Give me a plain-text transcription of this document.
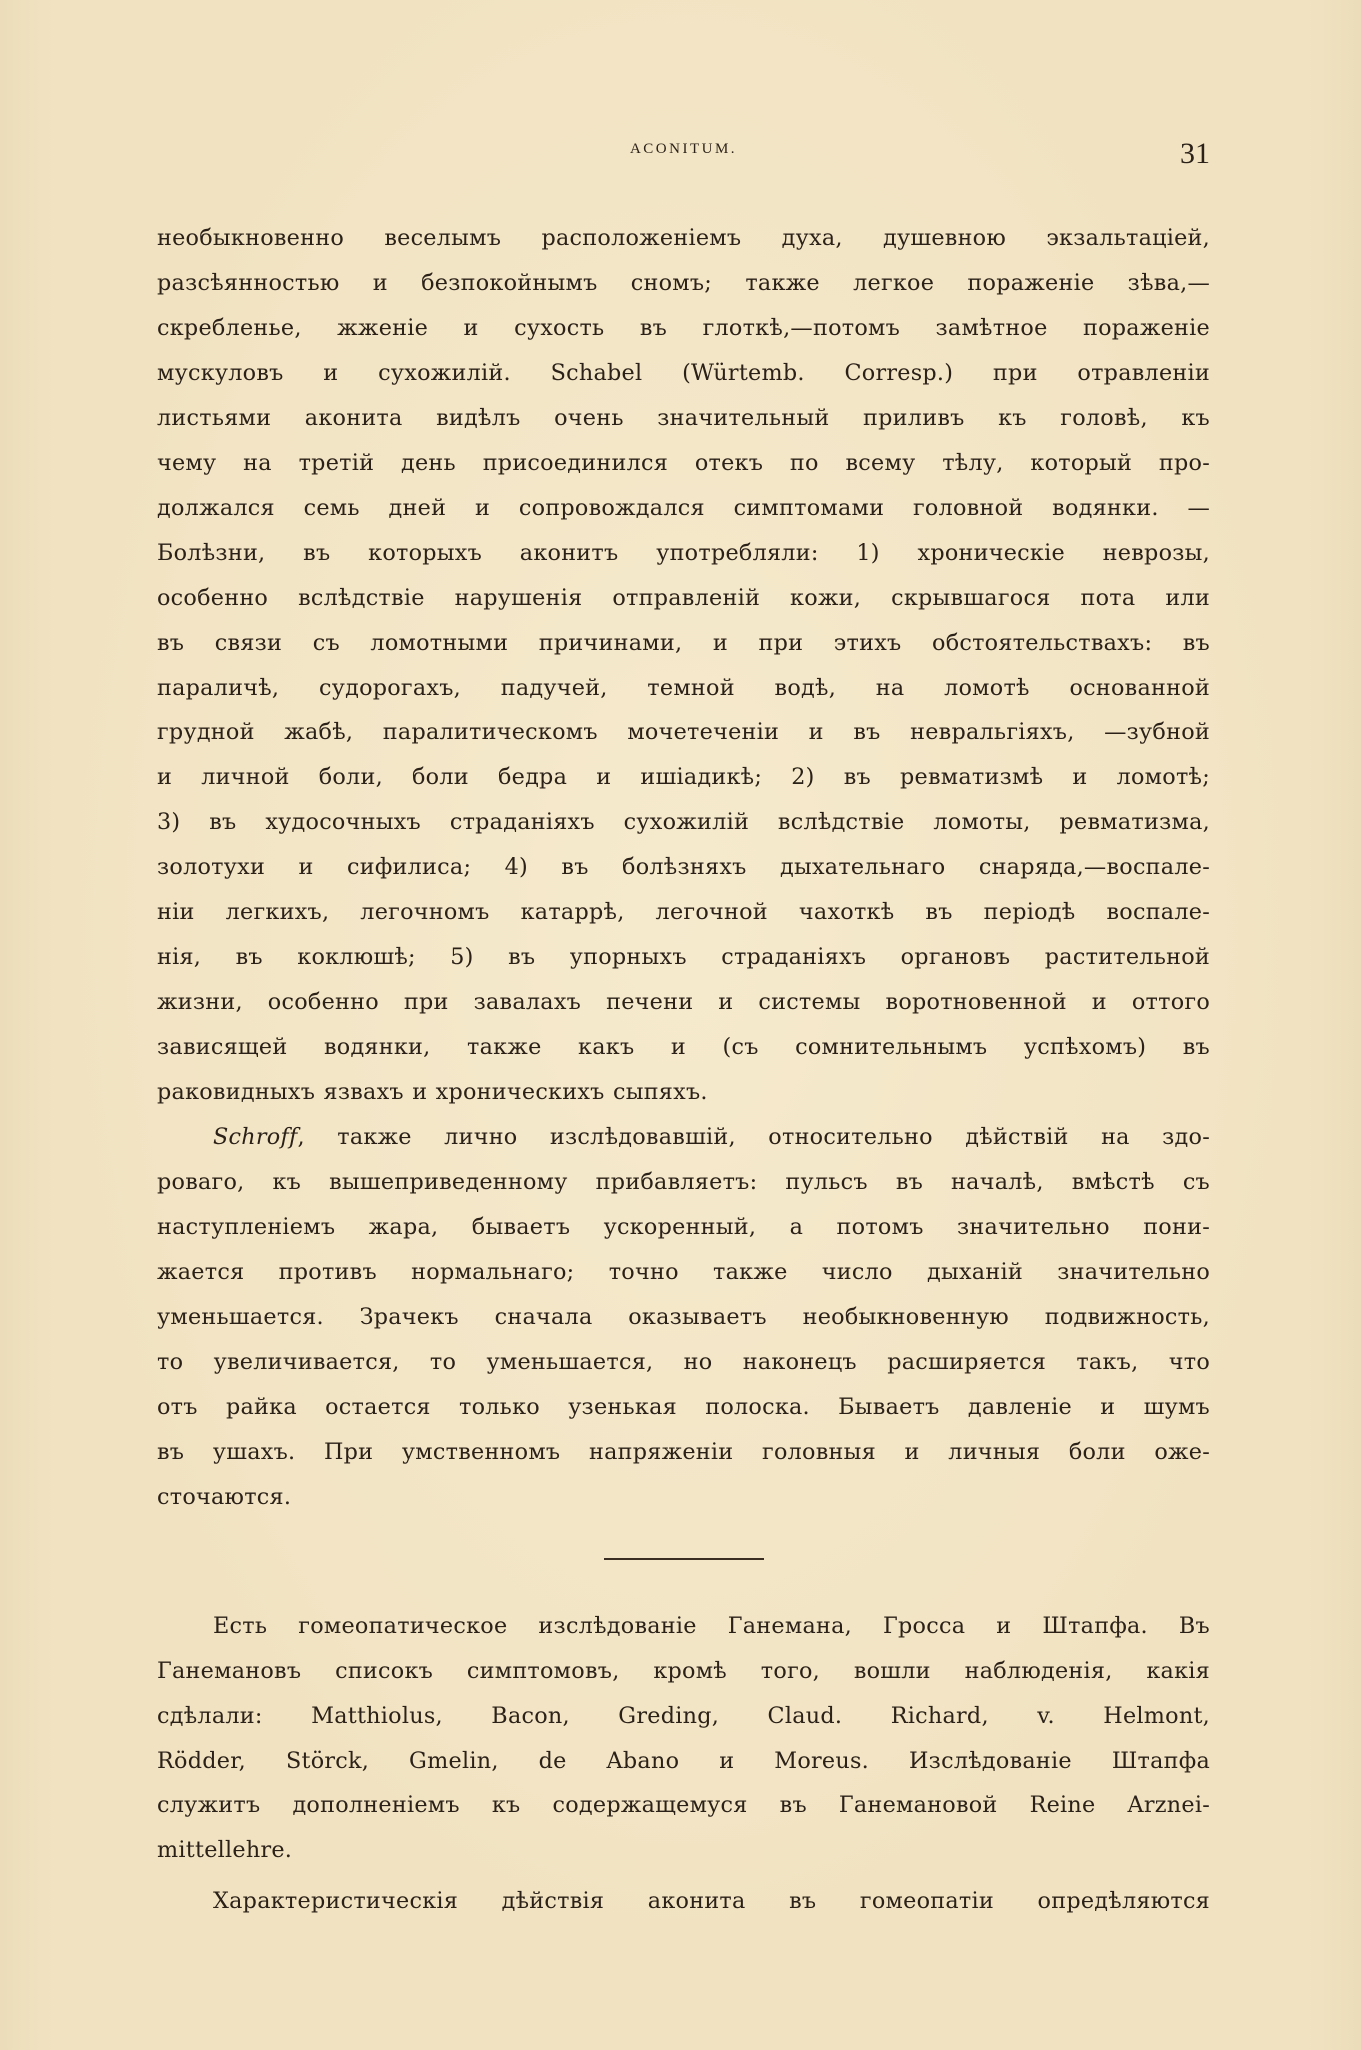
ACONITUM.	31

необыкновенно веселымъ расположенiемъ духа, душевною экзальтацiей,
разсѣянностью и безпокойнымъ сномъ; также легкое пораженiе зѣва,—
скребленье, жженiе и сухость въ глоткѣ,—потомъ замѣтное пораженiе
мускуловъ и сухожилiй. Schabel (Würtemb. Corresp.) при отравленiи
листьями аконита видѣлъ очень значительный приливъ къ головѣ, къ
чему на третiй день присоединился отекъ по всему тѣлу, который про-
должался семь дней и сопровождался симптомами головной водянки. —
Болѣзни, въ которыхъ аконитъ употребляли: 1) хроническiе неврозы,
особенно вслѣдствiе нарушенiя отправленiй кожи, скрывшагося пота или
въ связи съ ломотными причинами, и при этихъ обстоятельствахъ: въ
параличѣ, судорогахъ, падучей, темной водѣ, на ломотѣ основанной
грудной жабѣ, паралитическомъ мочетеченiи и въ невральгiяхъ, —зубной
и личной боли, боли бедра и ишiадикѣ; 2) въ ревматизмѣ и ломотѣ;
3) въ худосочныхъ страданiяхъ сухожилiй вслѣдствiе ломоты, ревматизма,
золотухи и сифилиса; 4) въ болѣзняхъ дыхательнаго снаряда,—воспале-
нiи легкихъ, легочномъ катаррѣ, легочной чахоткѣ въ перiодѣ воспале-
нiя, въ коклюшѣ; 5) въ упорныхъ страданiяхъ органовъ растительной
жизни, особенно при завалахъ печени и системы воротновенной и оттого
зависящей водянки, также какъ и (съ сомнительнымъ успѣхомъ) въ
раковидныхъ язвахъ и хроническихъ сыпяхъ.

Schroff, также лично изслѣдовавшiй, относительно дѣйствiй на здо-
роваго, къ вышеприведенному прибавляетъ: пульсъ въ началѣ, вмѣстѣ съ
наступленiемъ жара, бываетъ ускоренный, а потомъ значительно пони-
жается противъ нормальнаго; точно также число дыханiй значительно
уменьшается. Зрачекъ сначала оказываетъ необыкновенную подвижность,
то увеличивается, то уменьшается, но наконецъ расширяется такъ, что
отъ райка остается только узенькая полоска. Бываетъ давленiе и шумъ
въ ушахъ. При умственномъ напряженiи головныя и личныя боли оже-
сточаются.

Есть гомеопатическое изслѣдованiе Ганемана, Гросса и Штапфа. Въ
Ганемановъ списокъ симптомовъ, кромѣ того, вошли наблюденiя, какiя
сдѣлали: Matthiolus, Bacon, Greding, Claud. Richard, v. Helmont,
Rödder, Störck, Gmelin, de Abano и Moreus. Изслѣдованiе Штапфа
служитъ дополненiемъ къ содержащемуся въ Ганемановой Reine Arznei-
mittellehre.

Характеристическiя дѣйствiя аконита въ гомеопатiи опредѣляются
